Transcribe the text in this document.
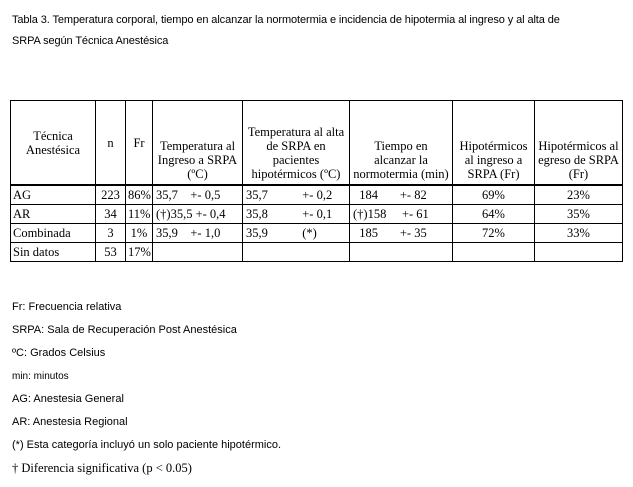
Tabla 3. Temperatura corporal, tiempo en alcanzar la normotermia e incidencia de hipotermia al ingreso y al alta de
SRPA según Técnica Anestésica
Técnica Anestésica	n	Fr	Temperatura al Ingreso a SRPA (ºC)	Temperatura al alta de SRPA en pacientes hipotérmicos (ºC)	Tiempo en alcanzar la normotermia (min)	Hipotérmicos al ingreso a SRPA (Fr)	Hipotérmicos al egreso de SRPA (Fr)
AG	223	86%	35,7    +- 0,5	35,7           +- 0,2	184       +- 82	69%	23%
AR	34	11%	(†)35,5 +- 0,4	35,8           +- 0,1	(†)158     +- 61	64%	35%
Combinada	3	1%	35,9    +- 1,0	35,9           (*)	185       +- 35	72%	33%
Sin datos	53	17%					
Fr: Frecuencia relativa
SRPA: Sala de Recuperación Post Anestésica
ºC: Grados Celsius
min: minutos
AG: Anestesia General
AR: Anestesia Regional
(*) Esta categoría incluyó un solo paciente hipotérmico.
† Diferencia significativa (p < 0.05)
